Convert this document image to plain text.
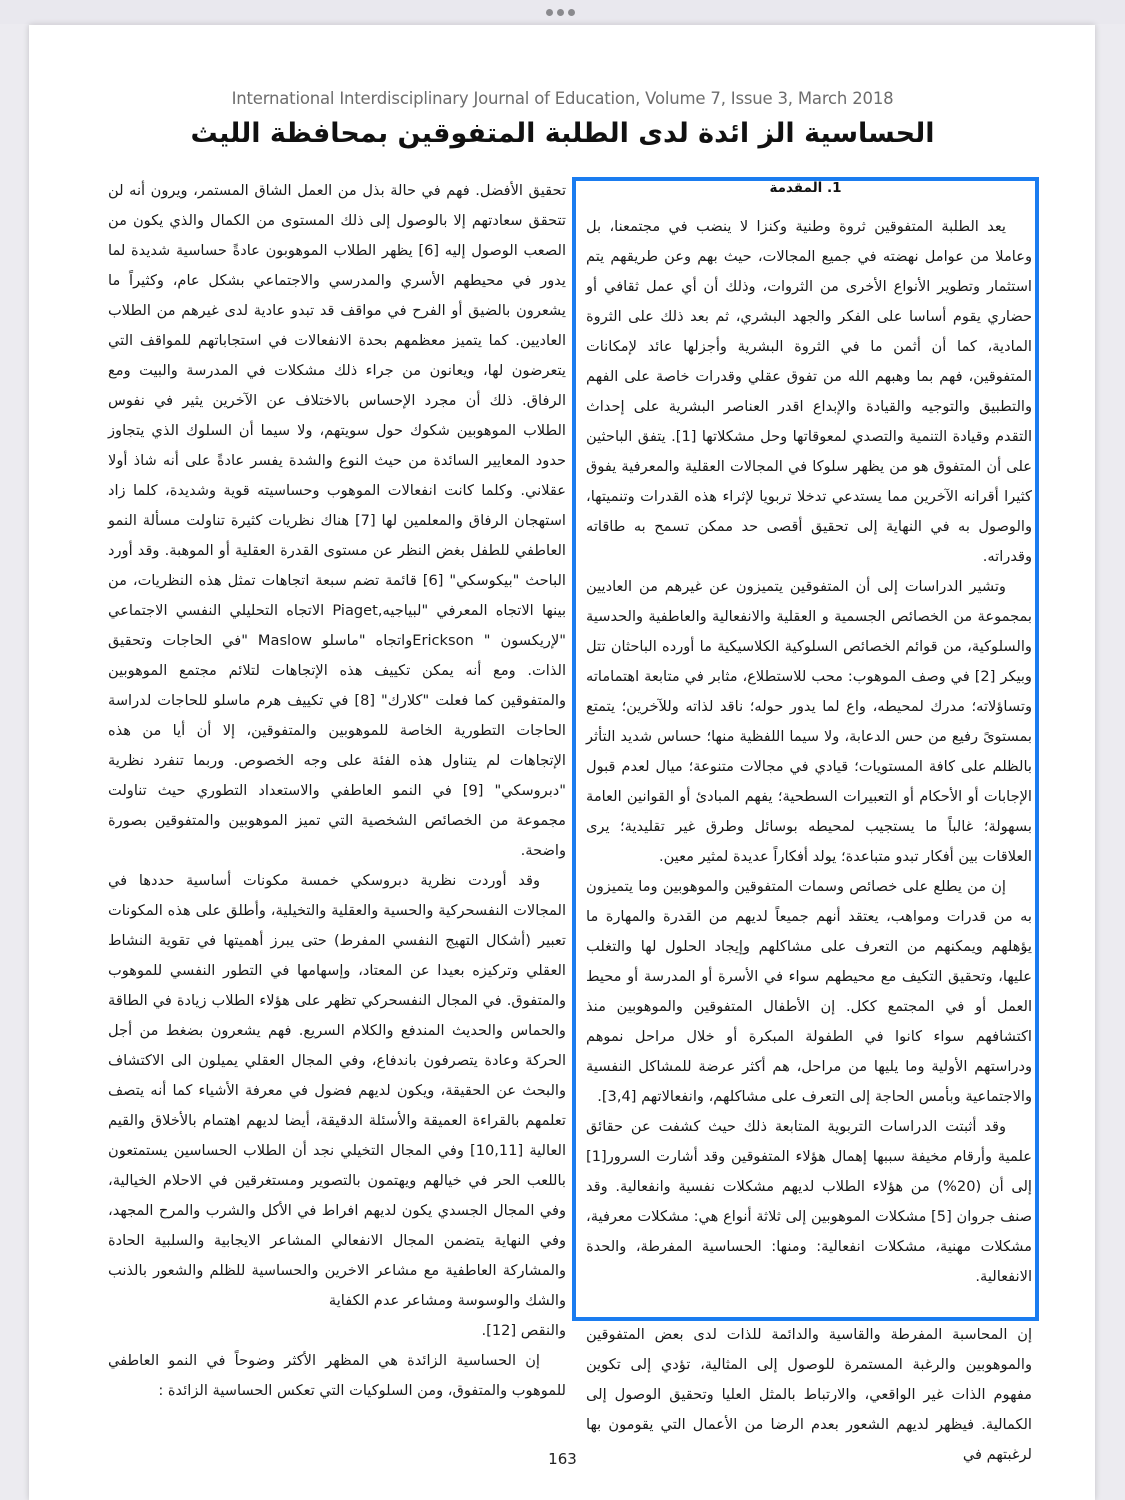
International Interdisciplinary Journal of Education, Volume 7, Issue 3, March 2018
الحساسية الز ائدة لدى الطلبة المتفوقين بمحافظة الليث

تحقيق الأفضل. فهم في حالة بذل من العمل الشاق المستمر، ويرون أنه لن تتحقق سعادتهم إلا بالوصول إلى ذلك المستوى من الكمال والذي يكون من الصعب الوصول إليه [6] يظهر الطلاب الموهوبون عادةً حساسية شديدة لما يدور في محيطهم الأسري والمدرسي والاجتماعي بشكل عام، وكثيراً ما يشعرون بالضيق أو الفرح في مواقف قد تبدو عادية لدى غيرهم من الطلاب العاديين. كما يتميز معظمهم بحدة الانفعالات في استجاباتهم للمواقف التي يتعرضون لها، ويعانون من جراء ذلك مشكلات في المدرسة والبيت ومع الرفاق. ذلك أن مجرد الإحساس بالاختلاف عن الآخرين يثير في نفوس الطلاب الموهوبين شكوك حول سويتهم، ولا سيما أن السلوك الذي يتجاوز حدود المعايير السائدة من حيث النوع والشدة يفسر عادةً على أنه شاذ أولا عقلاني. وكلما كانت انفعالات الموهوب وحساسيته قوية وشديدة، كلما زاد استهجان الرفاق والمعلمين لها [7] هناك نظريات كثيرة تناولت مسألة النمو العاطفي للطفل بغض النظر عن مستوى القدرة العقلية أو الموهبة. وقد أورد الباحث "بيكوسكي" [6] قائمة تضم سبعة اتجاهات تمثل هذه النظريات، من بينها الاتجاه المعرفي "لبياجيه,Piaget الاتجاه التحليلي النفسي الاجتماعي "لإريكسون " Ericksonواتجاه "ماسلو Maslow "في الحاجات وتحقيق الذات. ومع أنه يمكن تكييف هذه الإتجاهات لتلائم مجتمع الموهوبين والمتفوقين كما فعلت "كلارك" [8] في تكييف هرم ماسلو للحاجات لدراسة الحاجات التطورية الخاصة للموهوبين والمتفوقين، إلا أن أيا من هذه الإتجاهات لم يتناول هذه الفئة على وجه الخصوص. وربما تنفرد نظرية "دبروسكي" [9] في النمو العاطفي والاستعداد التطوري حيث تناولت مجموعة من الخصائص الشخصية التي تميز الموهوبين والمتفوقين بصورة واضحة.

وقد أوردت نظرية دبروسكي خمسة مكونات أساسية حددها في المجالات النفسحركية والحسية والعقلية والتخيلية، وأطلق على هذه المكونات تعبير (أشكال التهيج النفسي المفرط) حتى يبرز أهميتها في تقوية النشاط العقلي وتركيزه بعيدا عن المعتاد، وإسهامها في التطور النفسي للموهوب والمتفوق. في المجال النفسحركي تظهر على هؤلاء الطلاب زيادة في الطاقة والحماس والحديث المندفع والكلام السريع. فهم يشعرون بضغط من أجل الحركة وعادة يتصرفون باندفاع، وفي المجال العقلي يميلون الى الاكتشاف والبحث عن الحقيقة، ويكون لديهم فضول في معرفة الأشياء كما أنه يتصف تعلمهم بالقراءة العميقة والأسئلة الدقيقة، أيضا لديهم اهتمام بالأخلاق والقيم العالية [10,11] وفي المجال التخيلي نجد أن الطلاب الحساسين يستمتعون باللعب الحر في خيالهم ويهتمون بالتصوير ومستغرقين في الاحلام الخيالية، وفي المجال الجسدي يكون لديهم افراط في الأكل والشرب والمرح المجهد، وفي النهاية يتضمن المجال الانفعالي المشاعر الايجابية والسلبية الحادة والمشاركة العاطفية مع مشاعر الاخرين والحساسية للظلم والشعور بالذنب والشك والوسوسة ومشاعر عدم الكفاية

والنقص [12].

إن الحساسية الزائدة هي المظهر الأكثر وضوحاً في النمو العاطفي للموهوب والمتفوق، ومن السلوكيات التي تعكس الحساسية الزائدة :

1. المقدمة

يعد الطلبة المتفوقين ثروة وطنية وكنزا لا ينضب في مجتمعنا، بل وعاملا من عوامل نهضته في جميع المجالات، حيث بهم وعن طريقهم يتم استثمار وتطوير الأنواع الأخرى من الثروات، وذلك أن أي عمل ثقافي أو حضاري يقوم أساسا على الفكر والجهد البشري، ثم بعد ذلك على الثروة المادية، كما أن أثمن ما في الثروة البشرية وأجزلها عائد لإمكانات المتفوقين، فهم بما وهبهم الله من تفوق عقلي وقدرات خاصة على الفهم والتطبيق والتوجيه والقيادة والإبداع اقدر العناصر البشرية على إحداث التقدم وقيادة التنمية والتصدي لمعوقاتها وحل مشكلاتها [1]. يتفق الباحثين على أن المتفوق هو من يظهر سلوكا في المجالات العقلية والمعرفية يفوق كثيرا أقرانه الآخرين مما يستدعي تدخلا تربويا لإثراء هذه القدرات وتنميتها، والوصول به في النهاية إلى تحقيق أقصى حد ممكن تسمح به طاقاته وقدراته.

وتشير الدراسات إلى أن المتفوقين يتميزون عن غيرهم من العاديين بمجموعة من الخصائص الجسمية و العقلية والانفعالية والعاطفية والحدسية والسلوكية، من قوائم الخصائص السلوكية الكلاسيكية ما أورده الباحثان تتل وبيكر [2] في وصف الموهوب: محب للاستطلاع، مثابر في متابعة اهتماماته وتساؤلاته؛ مدرك لمحيطه، واع لما يدور حوله؛ ناقد لذاته وللآخرين؛ يتمتع بمستوىً رفيع من حس الدعابة، ولا سيما اللفظية منها؛ حساس شديد التأثر بالظلم على كافة المستويات؛ قيادي في مجالات متنوعة؛ ميال لعدم قبول الإجابات أو الأحكام أو التعبيرات السطحية؛ يفهم المبادئ أو القوانين العامة بسهولة؛ غالباً ما يستجيب لمحيطه بوسائل وطرق غير تقليدية؛ يرى العلاقات بين أفكار تبدو متباعدة؛ يولد أفكاراً عديدة لمثير معين.

إن من يطلع على خصائص وسمات المتفوقين والموهوبين وما يتميزون به من قدرات ومواهب، يعتقد أنهم جميعاً لديهم من القدرة والمهارة ما يؤهلهم ويمكنهم من التعرف على مشاكلهم وإيجاد الحلول لها والتغلب عليها، وتحقيق التكيف مع محيطهم سواء في الأسرة أو المدرسة أو محيط العمل أو في المجتمع ككل. إن الأطفال المتفوقين والموهوبين منذ اكتشافهم سواء كانوا في الطفولة المبكرة أو خلال مراحل نموهم ودراستهم الأولية وما يليها من مراحل، هم أكثر عرضة للمشاكل النفسية والاجتماعية وبأمس الحاجة إلى التعرف على مشاكلهم، وانفعالاتهم [3,4].

وقد أثبتت الدراسات التربوية المتابعة ذلك حيث كشفت عن حقائق علمية وأرقام مخيفة سببها إهمال هؤلاء المتفوقين وقد أشارت السرور[1] إلى أن (20%) من هؤلاء الطلاب لديهم مشكلات نفسية وانفعالية. وقد صنف جروان [5] مشكلات الموهوبين إلى ثلاثة أنواع هي: مشكلات معرفية، مشكلات مهنية، مشكلات انفعالية: ومنها: الحساسية المفرطة، والحدة الانفعالية.

إن المحاسبة المفرطة والقاسية والدائمة للذات لدى بعض المتفوقين والموهوبين والرغبة المستمرة للوصول إلى المثالية، تؤدي إلى تكوين مفهوم الذات غير الواقعي، والارتباط بالمثل العليا وتحقيق الوصول إلى الكمالية. فيظهر لديهم الشعور بعدم الرضا من الأعمال التي يقومون بها لرغبتهم في

163
